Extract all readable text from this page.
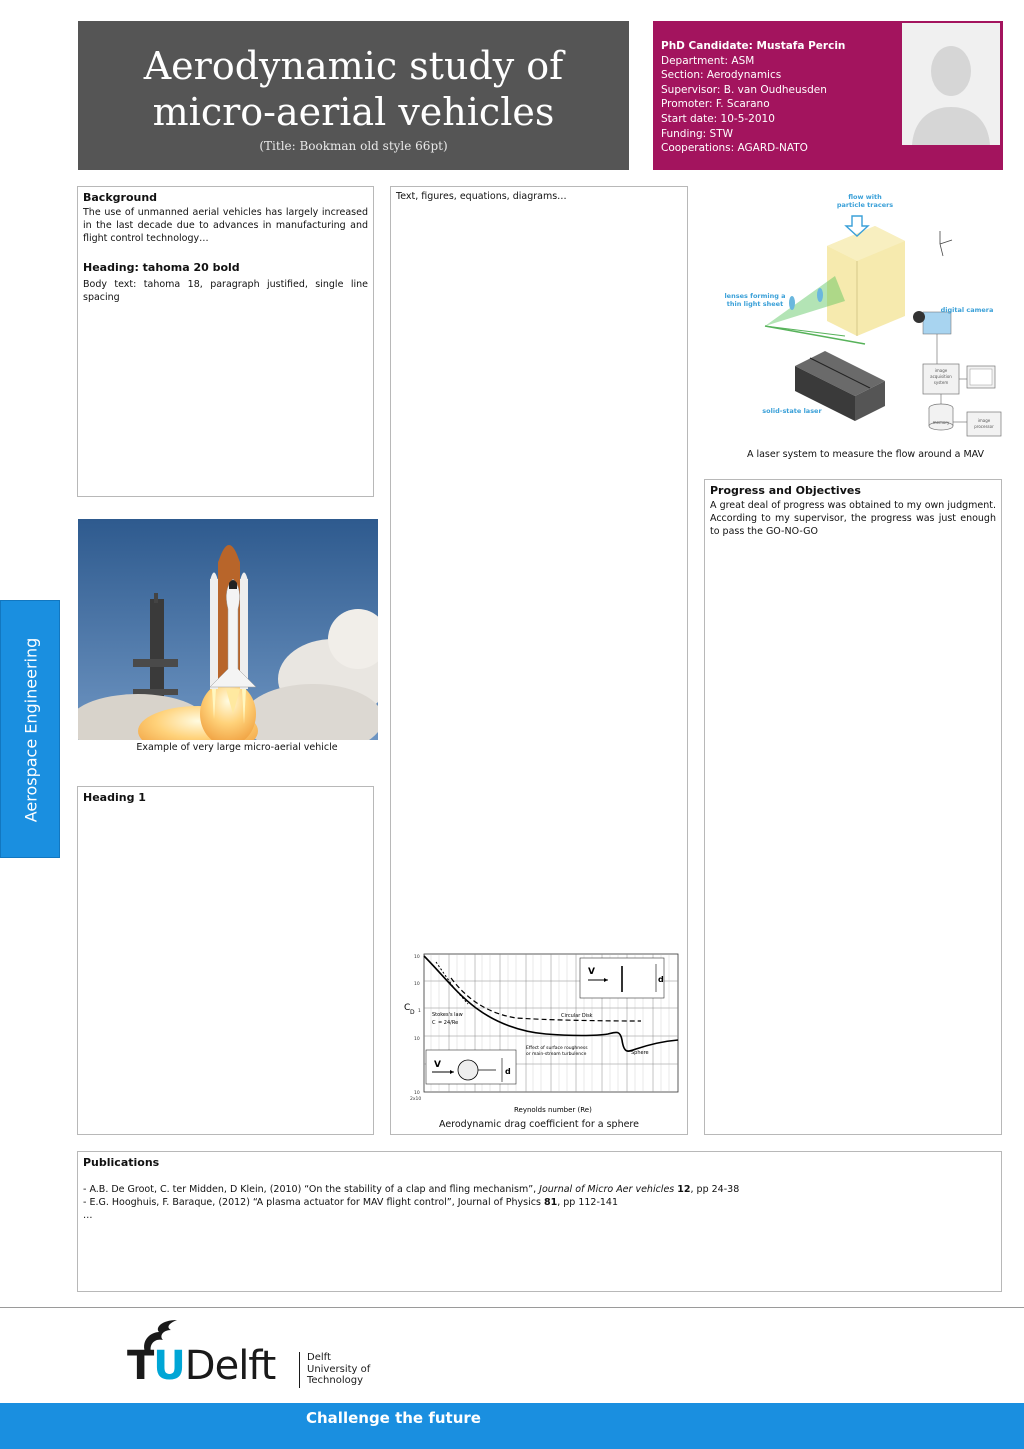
Aerodynamic study of
micro-aerial vehicles
(Title: Bookman old style 66pt)
PhD Candidate: Mustafa Percin
Department: ASM
Section: Aerodynamics
Supervisor: B. van Oudheusden
Promoter: F. Scarano
Start date: 10-5-2010
Funding: STW
Cooperations: AGARD-NATO
Background
The use of unmanned aerial vehicles has largely increased in the last decade due to advances in manufacturing and flight control technology…
Heading: tahoma 20 bold
Body text: tahoma 18, paragraph justified, single line spacing
Example of very large micro-aerial vehicle
Heading 1
Text, figures, equations, diagrams…
C D
Reynolds number (Re)
Stokes's law
C = 24/Re
Circular Disk
Effect of surface roughness
or main-stream turbulence	Sphere
V
d
V
d
10
10
1
10
10
2x10
Aerodynamic drag coefficient for a sphere
flow with
particle tracers
lenses forming a
thin light sheet
digital camera
solid-state laser
image
acquisition
system
image
processor
memory
A laser system to measure the flow around a MAV
Progress and Objectives
A great deal of progress was obtained to my own judgment. According to my supervisor, the progress was just enough to pass the GO-NO-GO
Publications
- A.B. De Groot, C. ter Midden, D Klein, (2010) “On the stability of a clap and fling mechanism”, Journal of Micro Aer vehicles 12, pp 24-38
- E.G. Hooghuis, F. Baraque, (2012) “A plasma actuator for MAV flight control”, Journal of Physics 81, pp 112-141
…
Aerospace Engineering
TUDelft	Delft
University of
Technology
Challenge the future
